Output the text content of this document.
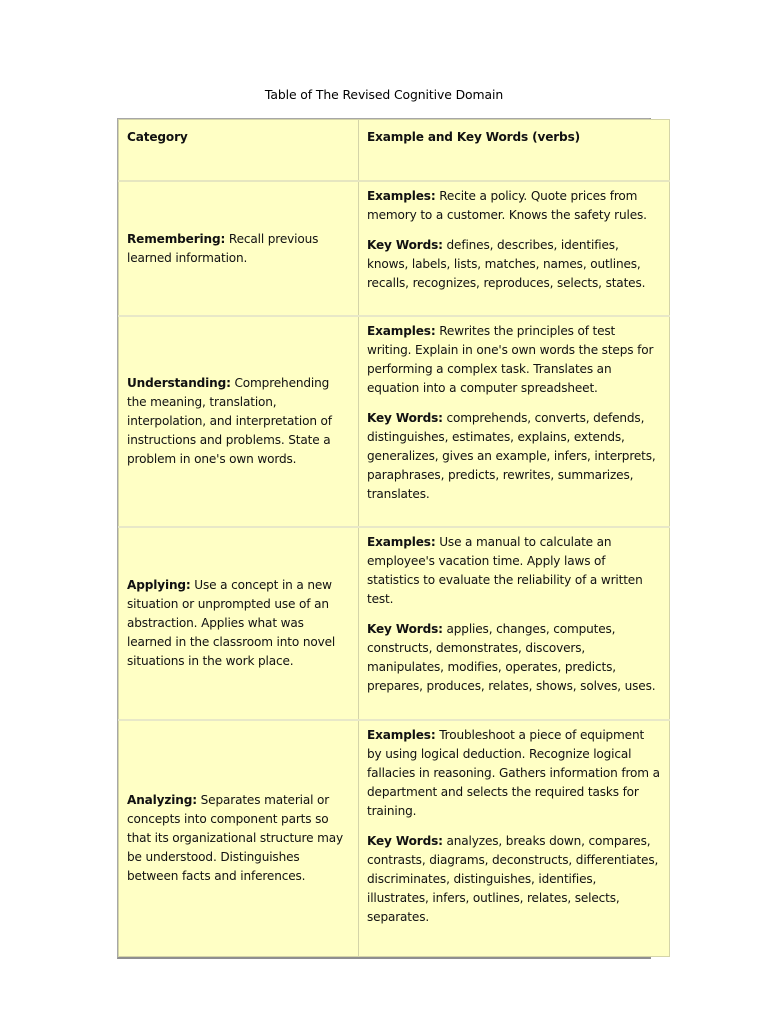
Table of The Revised Cognitive Domain
Category	Example and Key Words (verbs)
Remembering: Recall previous learned information.	Examples: Recite a policy. Quote prices from memory to a customer. Knows the safety rules.

Key Words: defines, describes, identifies, knows, labels, lists, matches, names, outlines, recalls, recognizes, reproduces, selects, states.

Understanding: Comprehending the meaning, translation, interpolation, and interpretation of instructions and problems. State a problem in one's own words.	Examples: Rewrites the principles of test writing. Explain in one's own words the steps for performing a complex task. Translates an equation into a computer spreadsheet.

Key Words: comprehends, converts, defends, distinguishes, estimates, explains, extends, generalizes, gives an example, infers, interprets, paraphrases, predicts, rewrites, summarizes, translates.

Applying: Use a concept in a new situation or unprompted use of an abstraction. Applies what was learned in the classroom into novel situations in the work place.	Examples: Use a manual to calculate an employee's vacation time. Apply laws of statistics to evaluate the reliability of a written test.

Key Words: applies, changes, computes, constructs, demonstrates, discovers, manipulates, modifies, operates, predicts, prepares, produces, relates, shows, solves, uses.

Analyzing: Separates material or concepts into component parts so that its organizational structure may be understood. Distinguishes between facts and inferences.	Examples: Troubleshoot a piece of equipment by using logical deduction. Recognize logical fallacies in reasoning. Gathers information from a department and selects the required tasks for training.

Key Words: analyzes, breaks down, compares, contrasts, diagrams, deconstructs, differentiates, discriminates, distinguishes, identifies, illustrates, infers, outlines, relates, selects, separates.
